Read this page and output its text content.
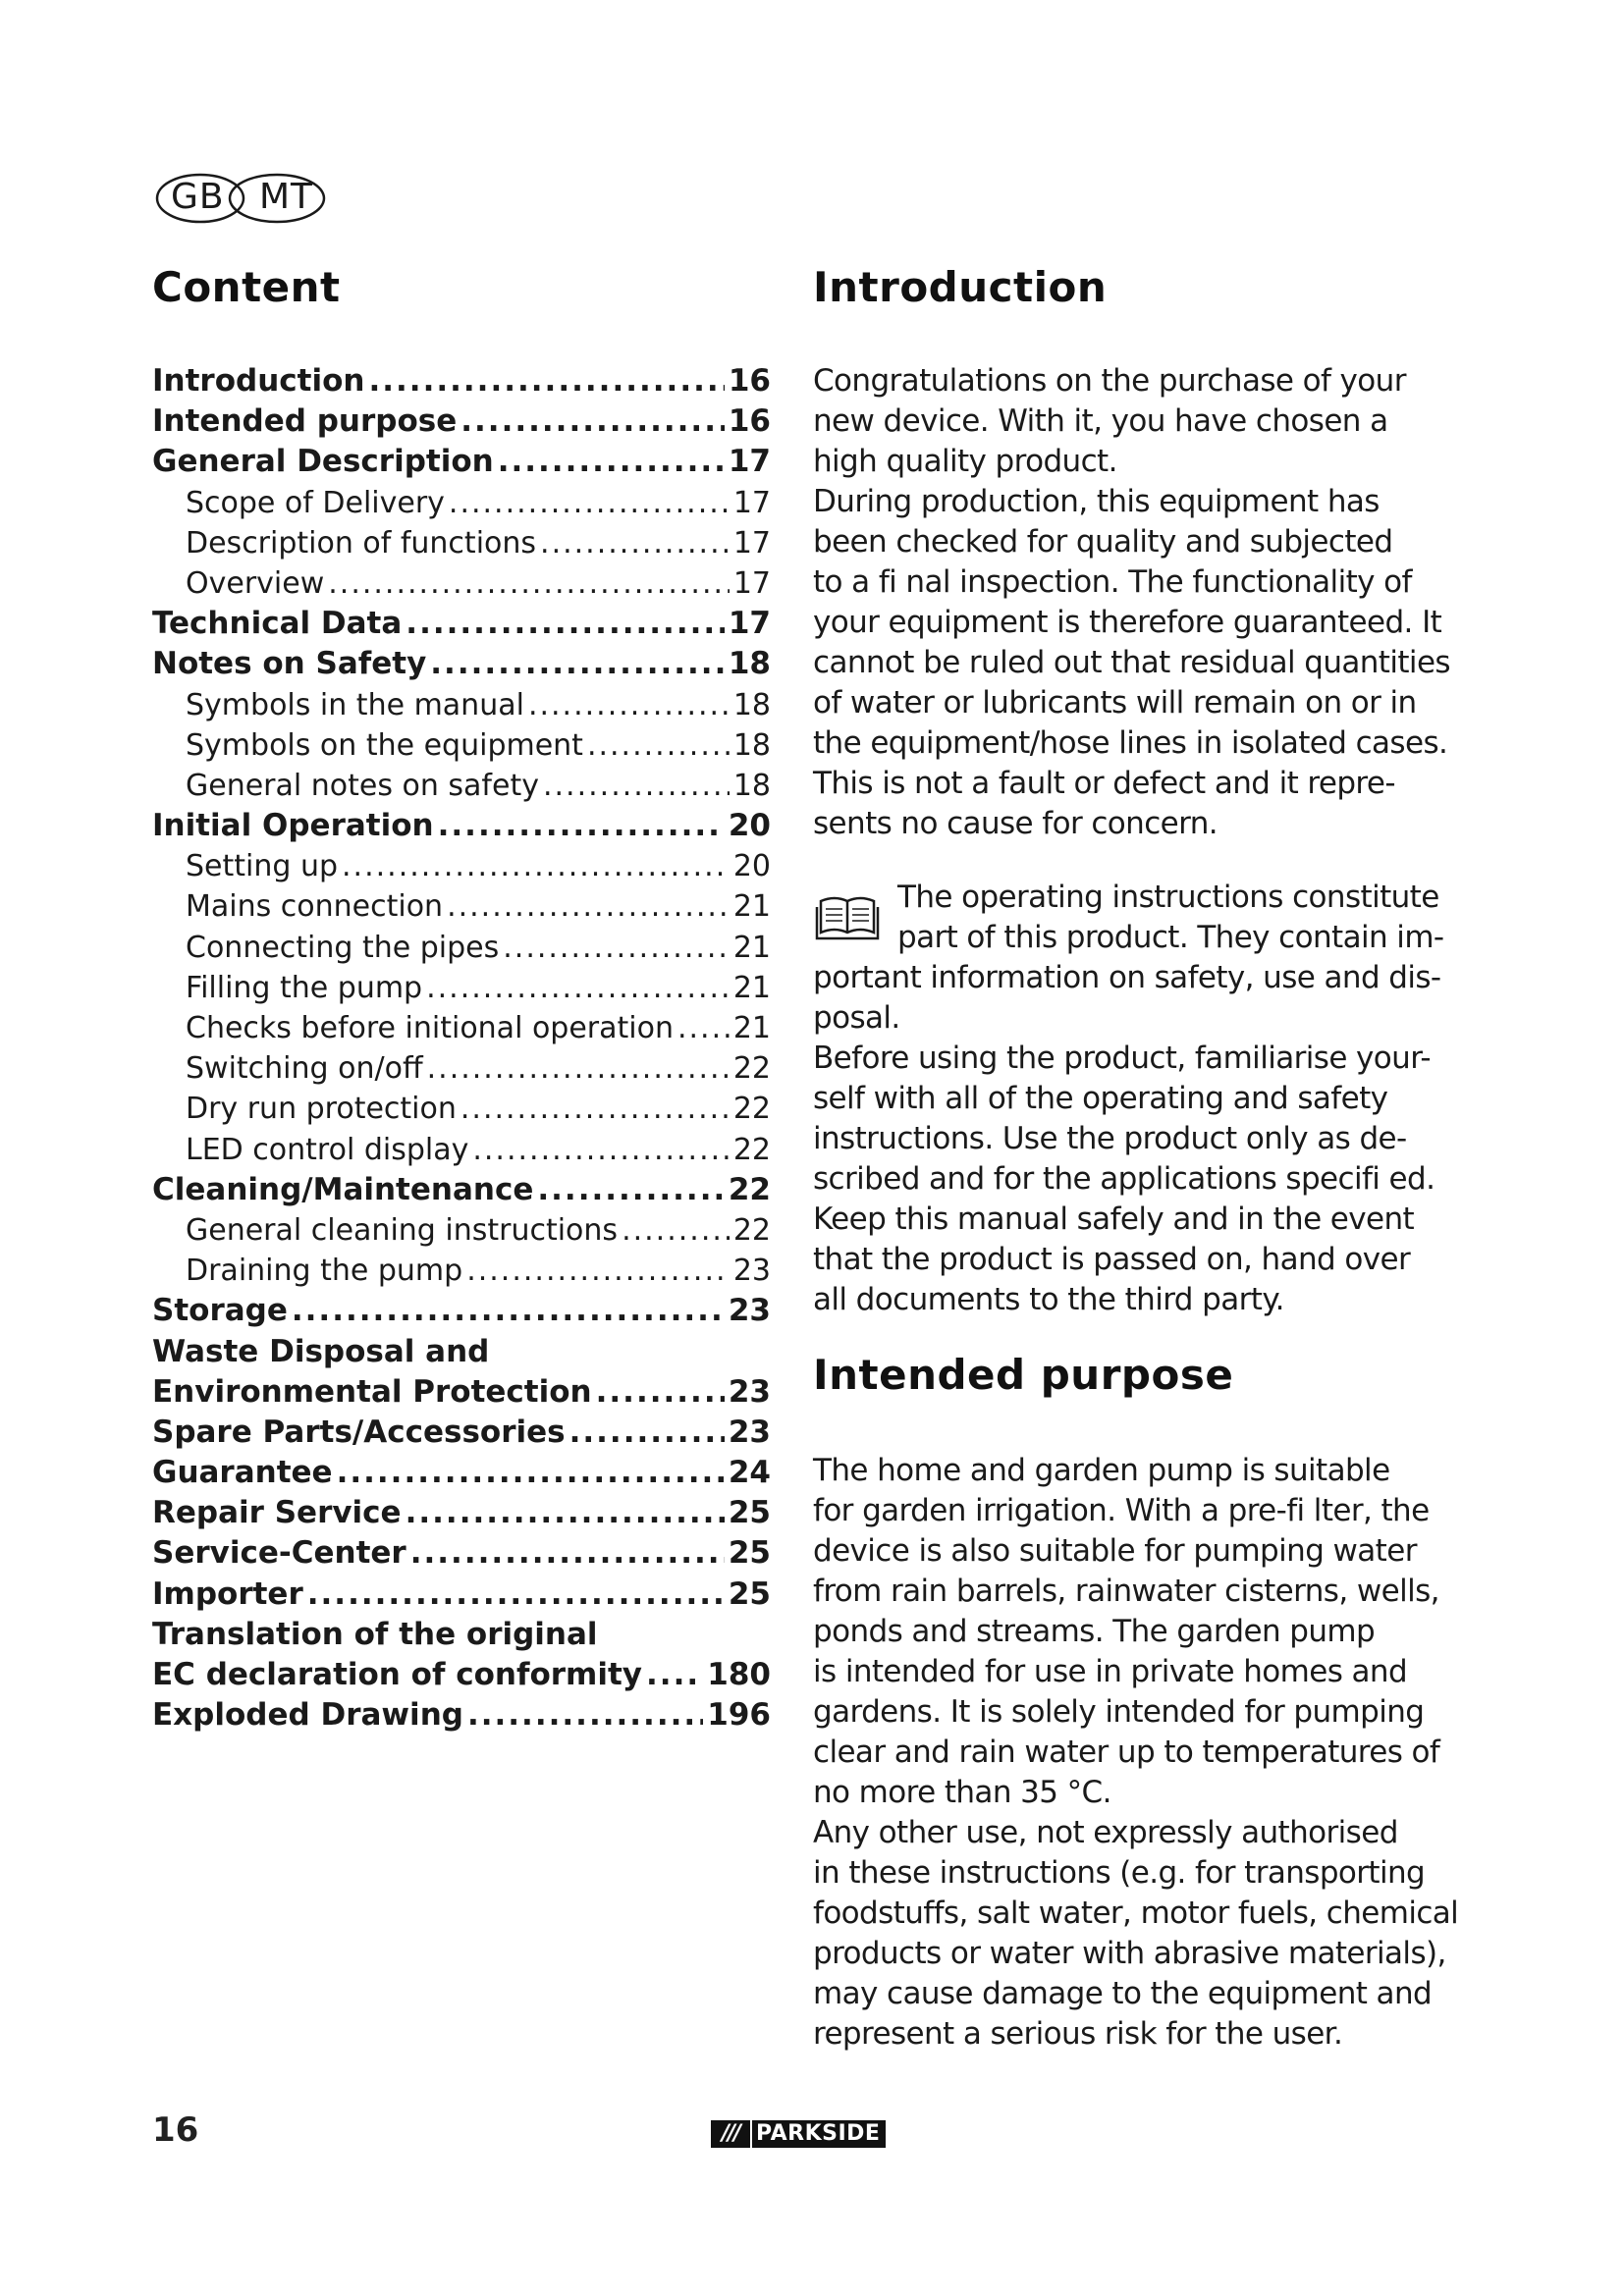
GB MT
Content
Introduction .....	16
Intended purpose .....	16
General Description .....	17
Scope of Delivery .....	17
Description of functions .....	17
Overview .....	17
Technical Data .....	17
Notes on Safety .....	18
Symbols in the manual .....	18
Symbols on the equipment .....	18
General notes on safety .....	18
Initial Operation .....	20
Setting up .....	20
Mains connection .....	21
Connecting the pipes .....	21
Filling the pump .....	21
Checks before initional operation ..... 21
Switching on/off .....	22
Dry run protection .....	22
LED control display .....	22
Cleaning/Maintenance .....	22
General cleaning instructions .....	22
Draining the pump .....	23
Storage .....	23
Waste Disposal and
Environmental Protection .....	23
Spare Parts/Accessories .....	23
Guarantee .....	24
Repair Service .....	25
Service-Center .....	25
Importer .....	25
Translation of the original
EC declaration of conformity ..... 180
Exploded Drawing .....	196
Introduction
Congratulations on the purchase of your
new device. With it, you have chosen a
high quality product.
During production, this equipment has
been checked for quality and subjected
to a fi nal inspection. The functionality of
your equipment is therefore guaranteed. It
cannot be ruled out that residual quantities
of water or lubricants will remain on or in
the equipment/hose lines in isolated cases.
This is not a fault or defect and it repre-
sents no cause for concern.
The operating instructions constitute
part of this product. They contain im-
portant information on safety, use and dis-
posal.
Before using the product, familiarise your-
self with all of the operating and safety
instructions. Use the product only as de-
scribed and for the applications specifi ed.
Keep this manual safely and in the event
that the product is passed on, hand over
all documents to the third party.
Intended purpose
The home and garden pump is suitable
for garden irrigation. With a pre-fi lter, the
device is also suitable for pumping water
from rain barrels, rainwater cisterns, wells,
ponds and streams. The garden pump
is intended for use in private homes and
gardens. It is solely intended for pumping
clear and rain water up to temperatures of
no more than 35 °C.
Any other use, not expressly authorised
in these instructions (e.g. for transporting
foodstuffs, salt water, motor fuels, chemical
products or water with abrasive materials),
may cause damage to the equipment and
represent a serious risk for the user.
16	/// PARKSIDE
